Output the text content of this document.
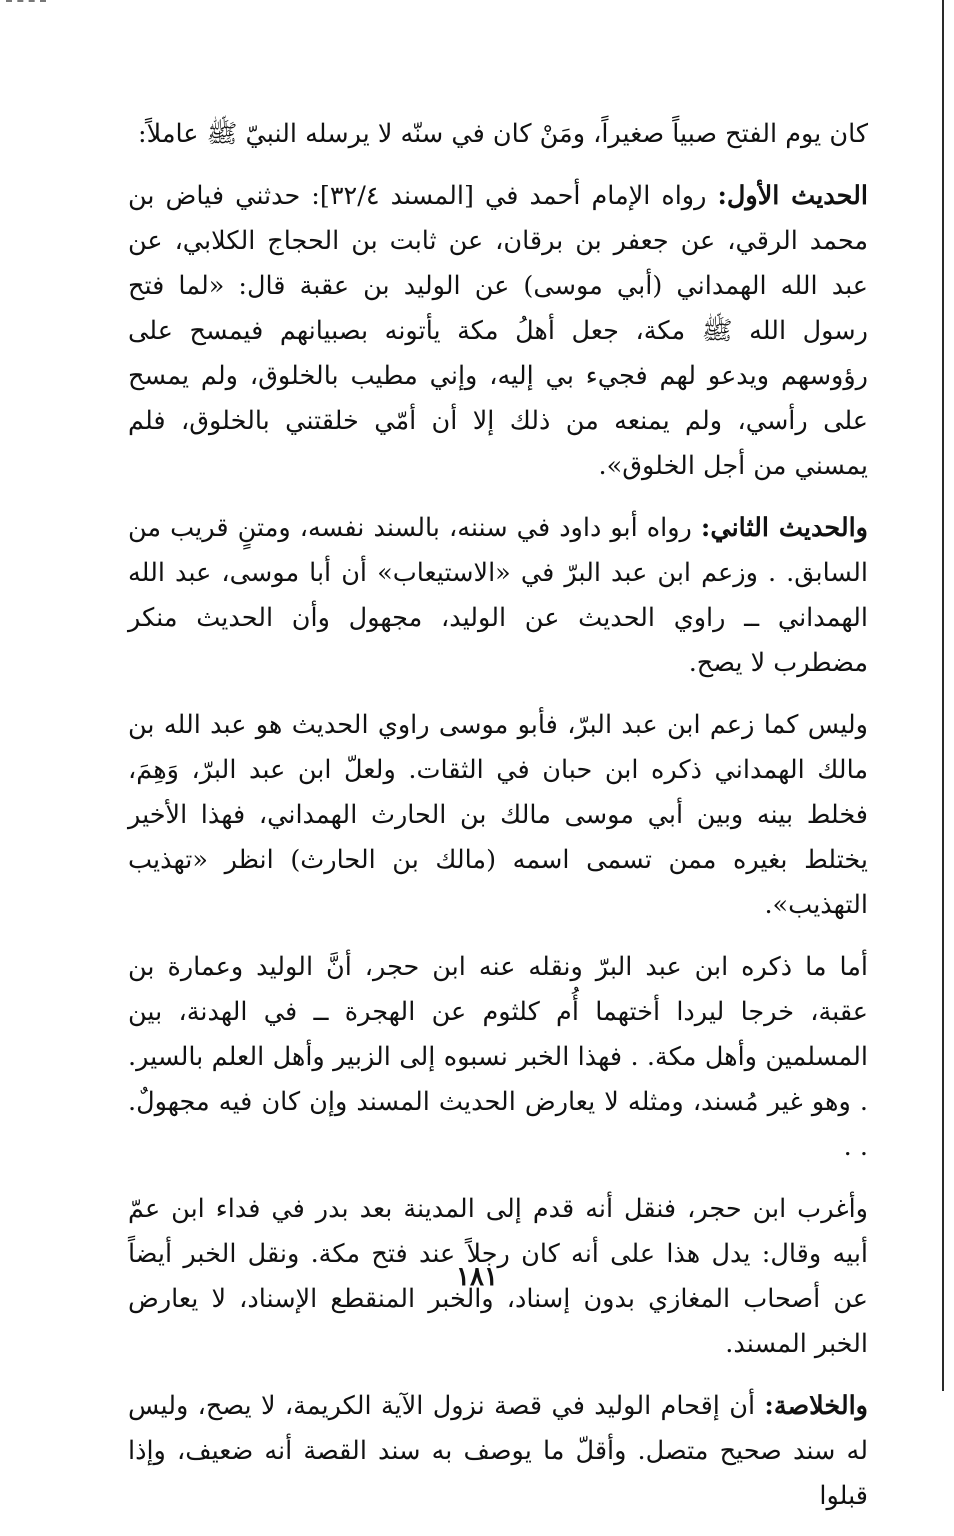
كان يوم الفتح صبياً صغيراً، ومَنْ كان في سنّه لا يرسله النبيّ ﷺ عاملاً:

الحديث الأول: رواه الإمام أحمد في [المسند ٣٢/٤]: حدثني فياض بن محمد الرقي، عن جعفر بن برقان، عن ثابت بن الحجاج الكلابي، عن عبد الله الهمداني (أبي موسى) عن الوليد بن عقبة قال: «لما فتح رسول الله ﷺ مكة، جعل أهلُ مكة يأتونه بصبيانهم فيمسح على رؤوسهم ويدعو لهم فجيء بي إليه، وإني مطيب بالخلوق، ولم يمسح على رأسي، ولم يمنعه من ذلك إلا أن أمّي خلقتني بالخلوق، فلم يمسني من أجل الخلوق».

والحديث الثاني: رواه أبو داود في سننه، بالسند نفسه، ومتنٍ قريب من السابق. . وزعم ابن عبد البرّ في «الاستيعاب» أن أبا موسى، عبد الله الهمداني ــ راوي الحديث عن الوليد، مجهول وأن الحديث منكر مضطرب لا يصح.

وليس كما زعم ابن عبد البرّ، فأبو موسى راوي الحديث هو عبد الله بن مالك الهمداني ذكره ابن حبان في الثقات. ولعلّ ابن عبد البرّ، وَهِمَ، فخلط بينه وبين أبي موسى مالك بن الحارث الهمداني، فهذا الأخير يختلط بغيره ممن تسمى اسمه (مالك بن الحارث) انظر «تهذيب التهذيب».

أما ما ذكره ابن عبد البرّ ونقله عنه ابن حجر، أنَّ الوليد وعمارة بن عقبة، خرجا ليردا أختهما أُم كلثوم عن الهجرة ــ في الهدنة، بين المسلمين وأهل مكة. . فهذا الخبر نسبوه إلى الزبير وأهل العلم بالسير. . وهو غير مُسند، ومثله لا يعارض الحديث المسند وإن كان فيه مجهولٌ. . .

وأغرب ابن حجر، فنقل أنه قدم إلى المدينة بعد بدر في فداء ابن عمّ أبيه وقال: يدل هذا على أنه كان رجلاً عند فتح مكة. ونقل الخبر أيضاً عن أصحاب المغازي بدون إسناد، والخبر المنقطع الإسناد، لا يعارض الخبر المسند.

والخلاصة: أن إقحام الوليد في قصة نزول الآية الكريمة، لا يصح، وليس له سند صحيح متصل. وأقلّ ما يوصف به سند القصة أنه ضعيف، وإذا قبلوا

١٨١
